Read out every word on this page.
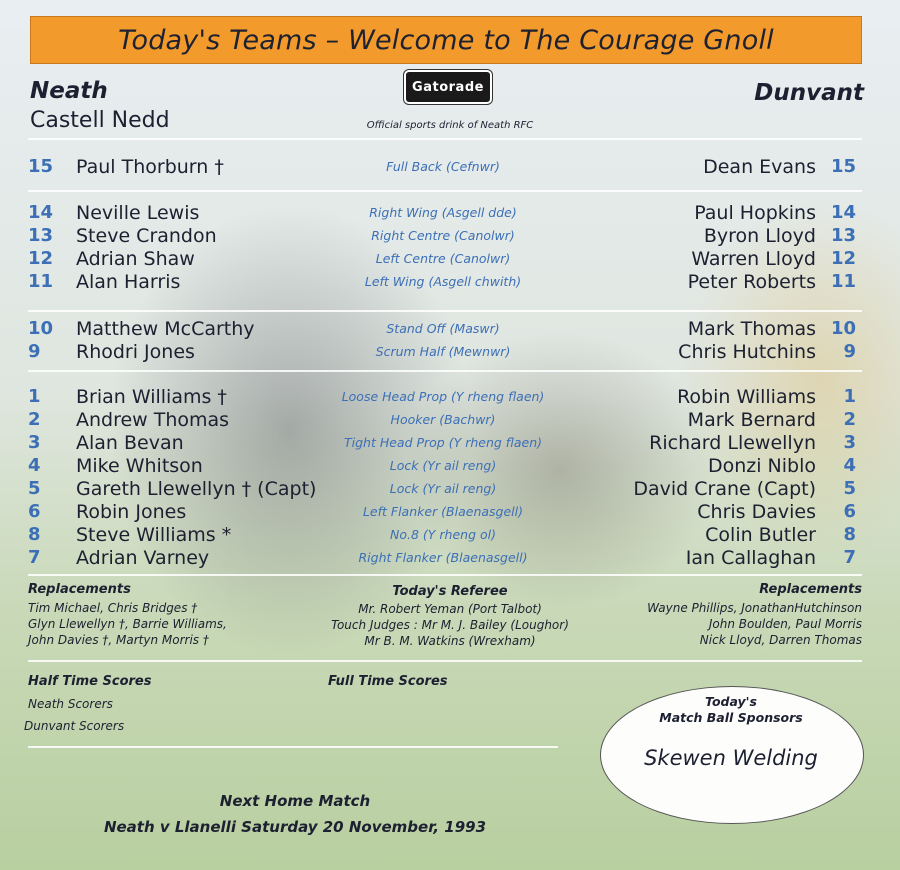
Today's Teams – Welcome to The Courage Gnoll
Neath
Castell Nedd
Dunvant
Gatorade
Official sports drink of Neath RFC
15 Paul Thorburn †	Full Back (Cefnwr)	Dean Evans 15
14 Neville Lewis	Right Wing (Asgell dde)	Paul Hopkins 14
13 Steve Crandon	Right Centre (Canolwr)	Byron Lloyd 13
12 Adrian Shaw	Left Centre (Canolwr)	Warren Lloyd 12
11 Alan Harris	Left Wing (Asgell chwith)	Peter Roberts 11
10 Matthew McCarthy	Stand Off (Maswr)	Mark Thomas 10
9	Rhodri Jones	Scrum Half (Mewnwr)	Chris Hutchins	9
1	Brian Williams †	Loose Head Prop (Y rheng flaen)	Robin Williams	1
2	Andrew Thomas	Hooker (Bachwr)	Mark Bernard	2
3	Alan Bevan	Tight Head Prop (Y rheng flaen)	Richard Llewellyn	3
4	Mike Whitson	Lock (Yr ail reng)	Donzi Niblo	4
5	Gareth Llewellyn † (Capt)	Lock (Yr ail reng)	David Crane (Capt)	5
6	Robin Jones	Left Flanker (Blaenasgell)	Chris Davies	6
8	Steve Williams *	No.8 (Y rheng ol)	Colin Butler	8
7	Adrian Varney	Right Flanker (Blaenasgell)	Ian Callaghan	7
Replacements
Tim Michael, Chris Bridges †
Glyn Llewellyn †, Barrie Williams,
John Davies †, Martyn Morris †
Today's Referee
Mr. Robert Yeman (Port Talbot)
Touch Judges : Mr M. J. Bailey (Loughor)
Mr B. M. Watkins (Wrexham)
Replacements
Wayne Phillips, JonathanHutchinson
John Boulden, Paul Morris
Nick Lloyd, Darren Thomas
Half Time Scores	Full Time Scores
Neath Scorers
Dunvant Scorers
Today's
Match Ball Sponsors
Skewen Welding
Next Home Match
Neath v Llanelli Saturday 20 November, 1993
